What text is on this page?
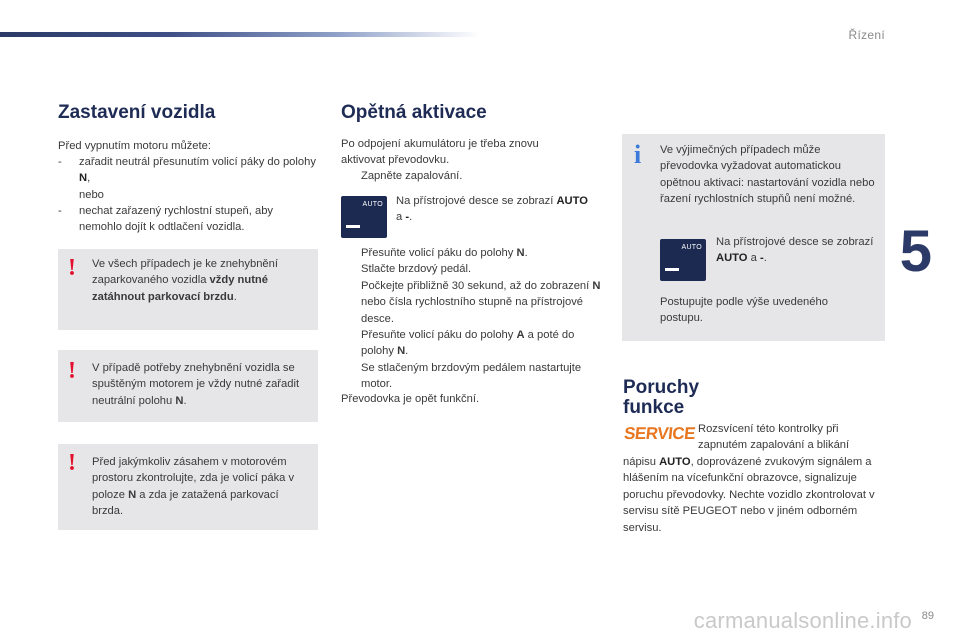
Řízení
5
Zastavení vozidla
Před vypnutím motoru můžete:
-	zařadit neutrál přesunutím volicí páky do polohy N,
nebo
-	nechat zařazený rychlostní stupeň, aby nemohlo dojít k odtlačení vozidla.
! Ve všech případech je ke znehybnění zaparkovaného vozidla vždy nutné zatáhnout parkovací brzdu.
! V případě potřeby znehybnění vozidla se spuštěným motorem je vždy nutné zařadit neutrální polohu N.
! Před jakýmkoliv zásahem v motorovém prostoru zkontrolujte, zda je volicí páka v poloze N a zda je zatažená parkovací brzda.
Opětná aktivace
Po odpojení akumulátoru je třeba znovu aktivovat převodovku.
Zapněte zapalování.
AUTO Na přístrojové desce se zobrazí AUTO a -.
Přesuňte volicí páku do polohy N.
Stlačte brzdový pedál.
Počkejte přibližně 30 sekund, až do zobrazení N nebo čísla rychlostního stupně na přístrojové desce.
Přesuňte volicí páku do polohy A a poté do polohy N.
Se stlačeným brzdovým pedálem nastartujte motor.
Převodovka je opět funkční.
i Ve výjimečných případech může převodovka vyžadovat automatickou opětnou aktivaci: nastartování vozidla nebo řazení rychlostních stupňů není možné.
AUTO Na přístrojové desce se zobrazí AUTO a -.
Postupujte podle výše uvedeného postupu.
Poruchy
funkce
SERVICE Rozsvícení této kontrolky při zapnutém zapalování a blikání
nápisu AUTO, doprovázené zvukovým signálem a hlášením na vícefunkční obrazovce, signalizuje poruchu převodovky. Nechte vozidlo zkontrolovat v servisu sítě PEUGEOT nebo v jiném odborném servisu.
carmanualsonline.info 89
